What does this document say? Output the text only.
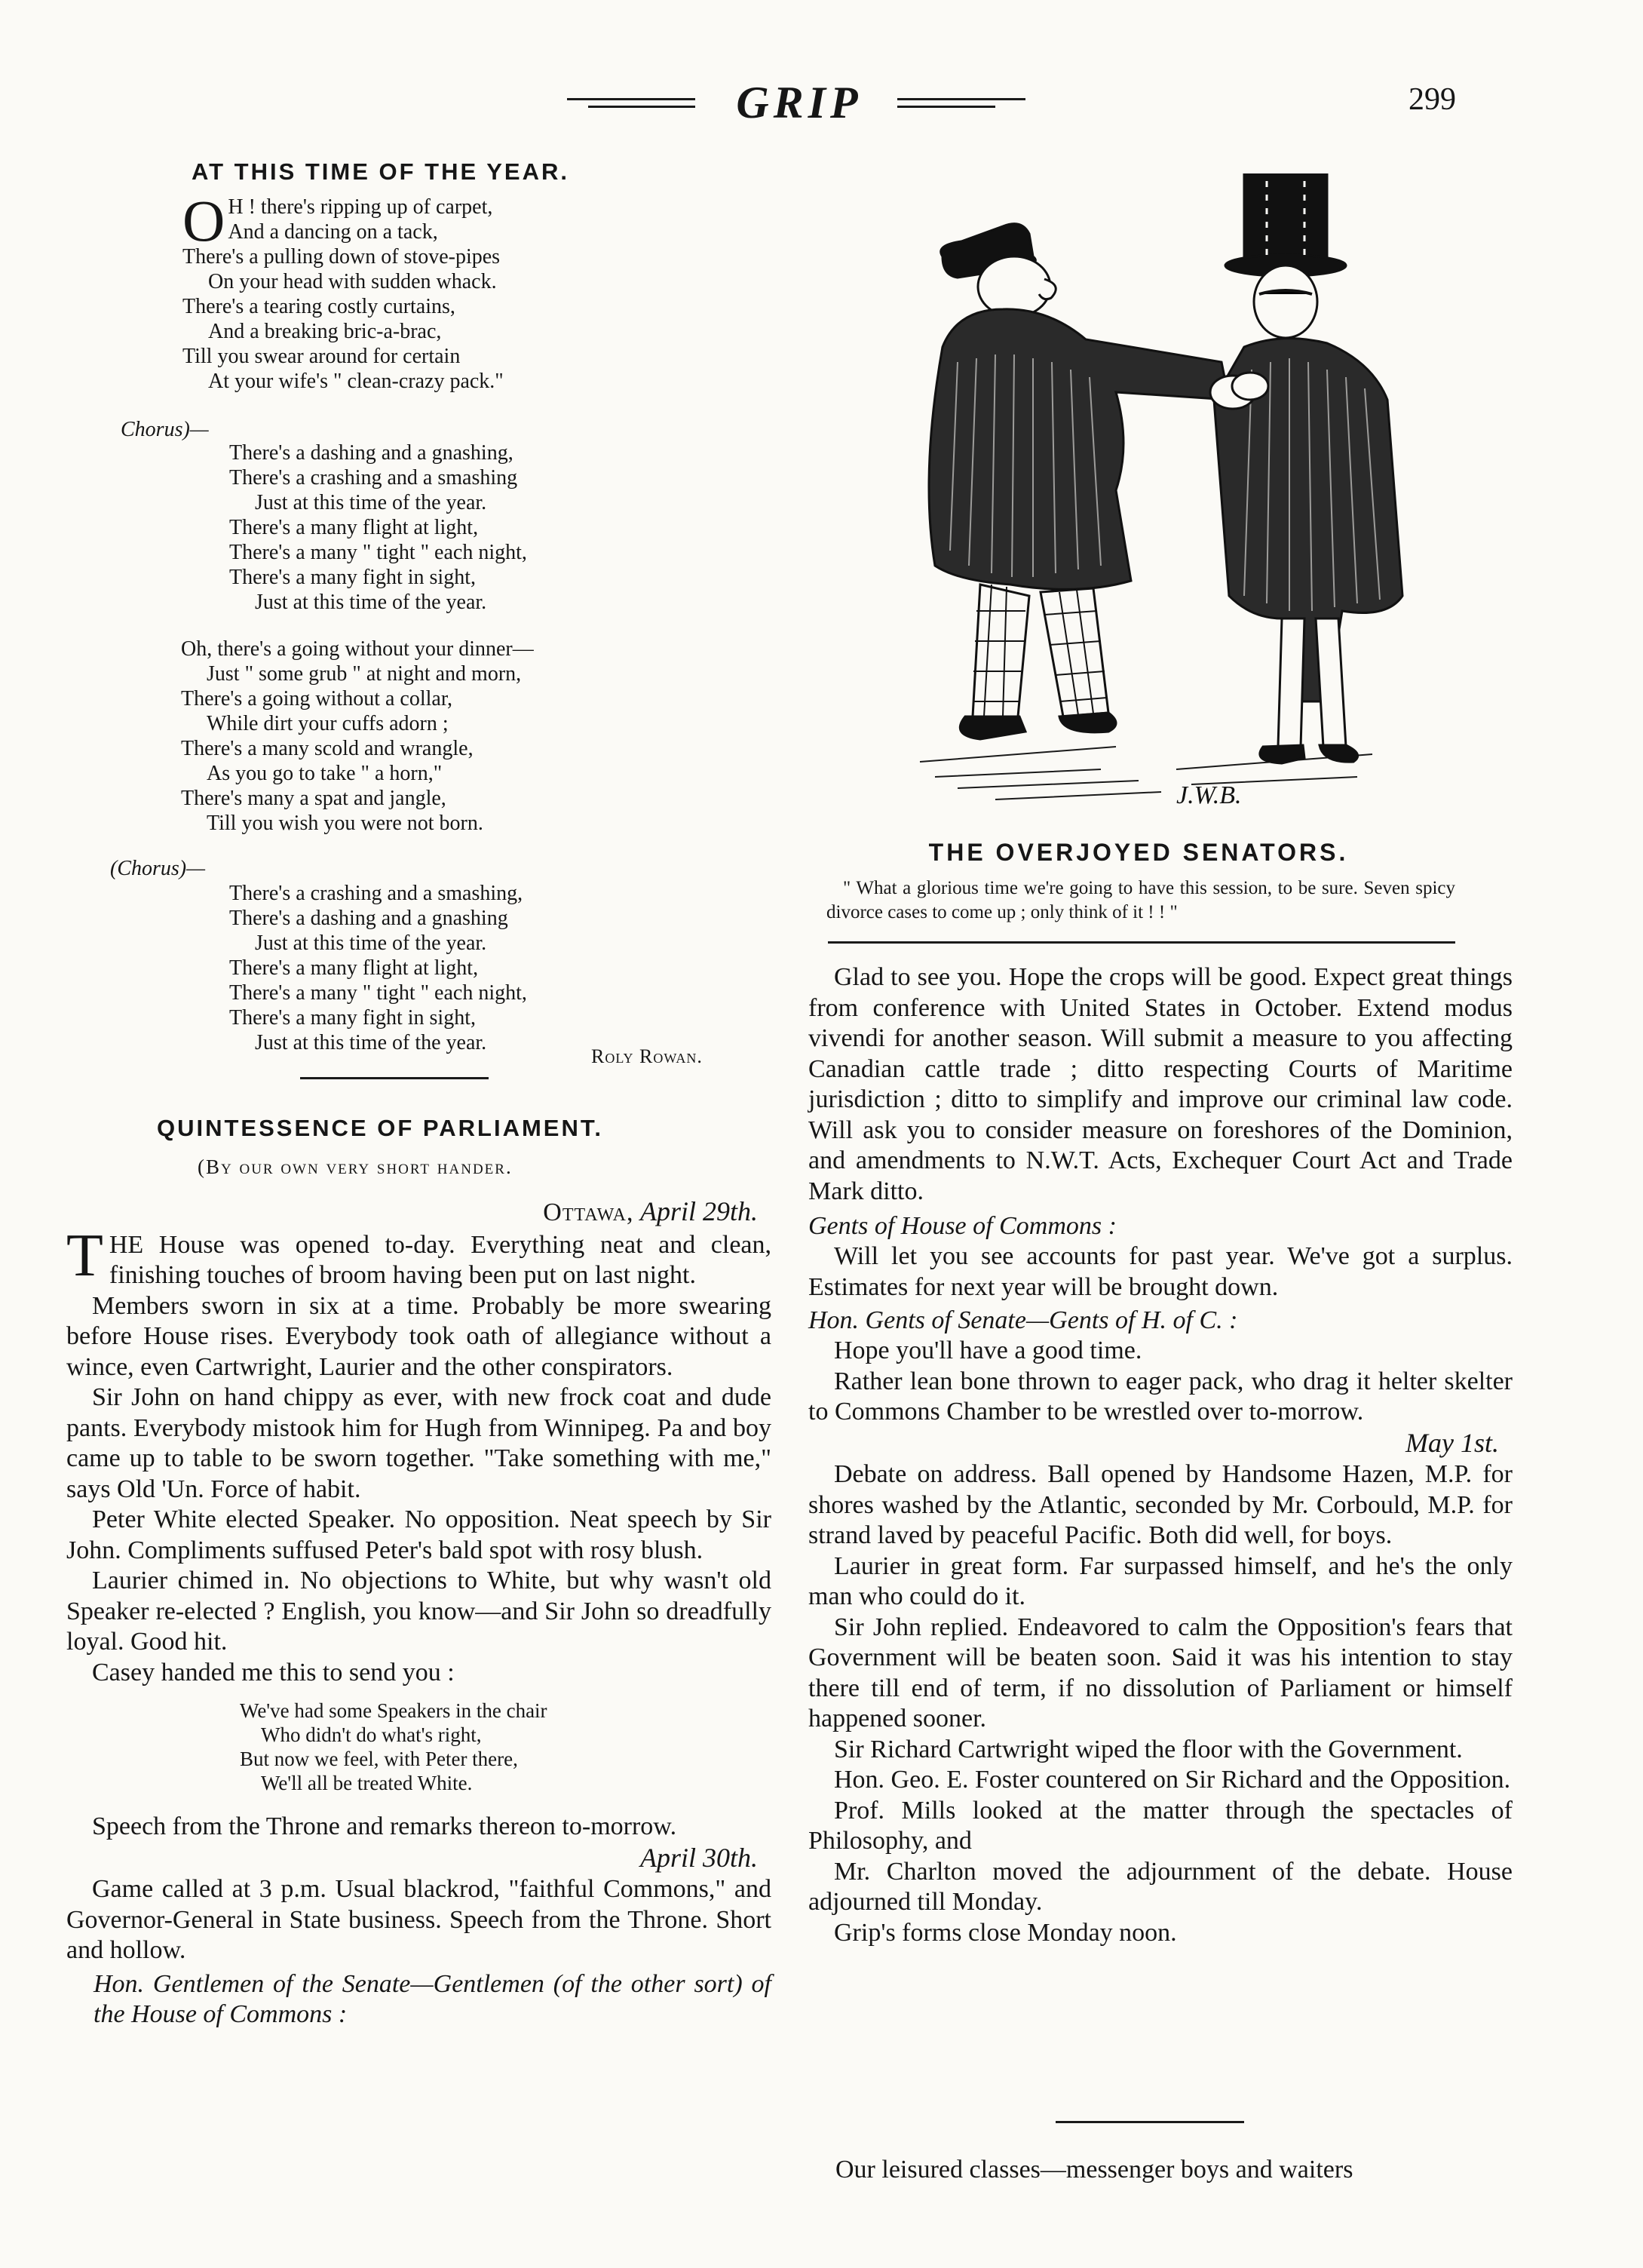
GRIP	299
AT THIS TIME OF THE YEAR.
O H ! there's ripping up of carpet,

And a dancing on a tack,

There's a pulling down of stove-pipes

On your head with sudden whack.

There's a tearing costly curtains,

And a breaking bric-a-brac,

Till you swear around for certain

At your wife's " clean-crazy pack."

Chorus)—

There's a dashing and a gnashing,

There's a crashing and a smashing

Just at this time of the year.

There's a many flight at light,

There's a many " tight " each night,

There's a many fight in sight,

Just at this time of the year.

Oh, there's a going without your dinner—

Just " some grub " at night and morn,

There's a going without a collar,

While dirt your cuffs adorn ;

There's a many scold and wrangle,

As you go to take " a horn,"

There's many a spat and jangle,

Till you wish you were not born.

(Chorus)—

There's a crashing and a smashing,

There's a dashing and a gnashing

Just at this time of the year.

There's a many flight at light,

There's a many " tight " each night,

There's a many fight in sight,

Just at this time of the year.

Roly Rowan.
QUINTESSENCE OF PARLIAMENT.
(By our own very short hander.
Ottawa, April 29th.

THE House was opened to-day. Everything neat and clean, finishing touches of broom having been put on last night.

Members sworn in six at a time. Probably be more swearing before House rises. Everybody took oath of allegiance without a wince, even Cartwright, Laurier and the other conspirators.

Sir John on hand chippy as ever, with new frock coat and dude pants. Everybody mistook him for Hugh from Winnipeg. Pa and boy came up to table to be sworn together. "Take something with me," says Old 'Un. Force of habit.

Peter White elected Speaker. No opposition. Neat speech by Sir John. Compliments suffused Peter's bald spot with rosy blush.

Laurier chimed in. No objections to White, but why wasn't old Speaker re-elected ? English, you know—and Sir John so dreadfully loyal. Good hit.

Casey handed me this to send you :

We've had some Speakers in the chair

Who didn't do what's right,

But now we feel, with Peter there,

We'll all be treated White.

Speech from the Throne and remarks thereon to-morrow.

April 30th.

Game called at 3 p.m. Usual blackrod, "faithful Commons," and Governor-General in State business. Speech from the Throne. Short and hollow.

Hon. Gentlemen of the Senate—Gentlemen (of the other sort) of the House of Commons :

J.W.B.
THE OVERJOYED SENATORS.
" What a glorious time we're going to have this session, to be sure. Seven spicy divorce cases to come up ; only think of it ! ! "

Glad to see you. Hope the crops will be good. Expect great things from conference with United States in October. Extend modus vivendi for another season. Will submit a measure to you affecting Canadian cattle trade ; ditto respecting Courts of Maritime jurisdiction ; ditto to simplify and improve our criminal law code. Will ask you to consider measure on foreshores of the Dominion, and amendments to N.W.T. Acts, Exchequer Court Act and Trade Mark ditto.

Gents of House of Commons :

Will let you see accounts for past year. We've got a surplus. Estimates for next year will be brought down.

Hon. Gents of Senate—Gents of H. of C. :

Hope you'll have a good time.

Rather lean bone thrown to eager pack, who drag it helter skelter to Commons Chamber to be wrestled over to-morrow.

May 1st.

Debate on address. Ball opened by Handsome Hazen, M.P. for shores washed by the Atlantic, seconded by Mr. Corbould, M.P. for strand laved by peaceful Pacific. Both did well, for boys.

Laurier in great form. Far surpassed himself, and he's the only man who could do it.

Sir John replied. Endeavored to calm the Opposition's fears that Government will be beaten soon. Said it was his intention to stay there till end of term, if no dissolution of Parliament or himself happened sooner.

Sir Richard Cartwright wiped the floor with the Government.

Hon. Geo. E. Foster countered on Sir Richard and the Opposition.

Prof. Mills looked at the matter through the spectacles of Philosophy, and

Mr. Charlton moved the adjournment of the debate. House adjourned till Monday.

Grip's forms close Monday noon.

Our leisured classes—messenger boys and waiters
